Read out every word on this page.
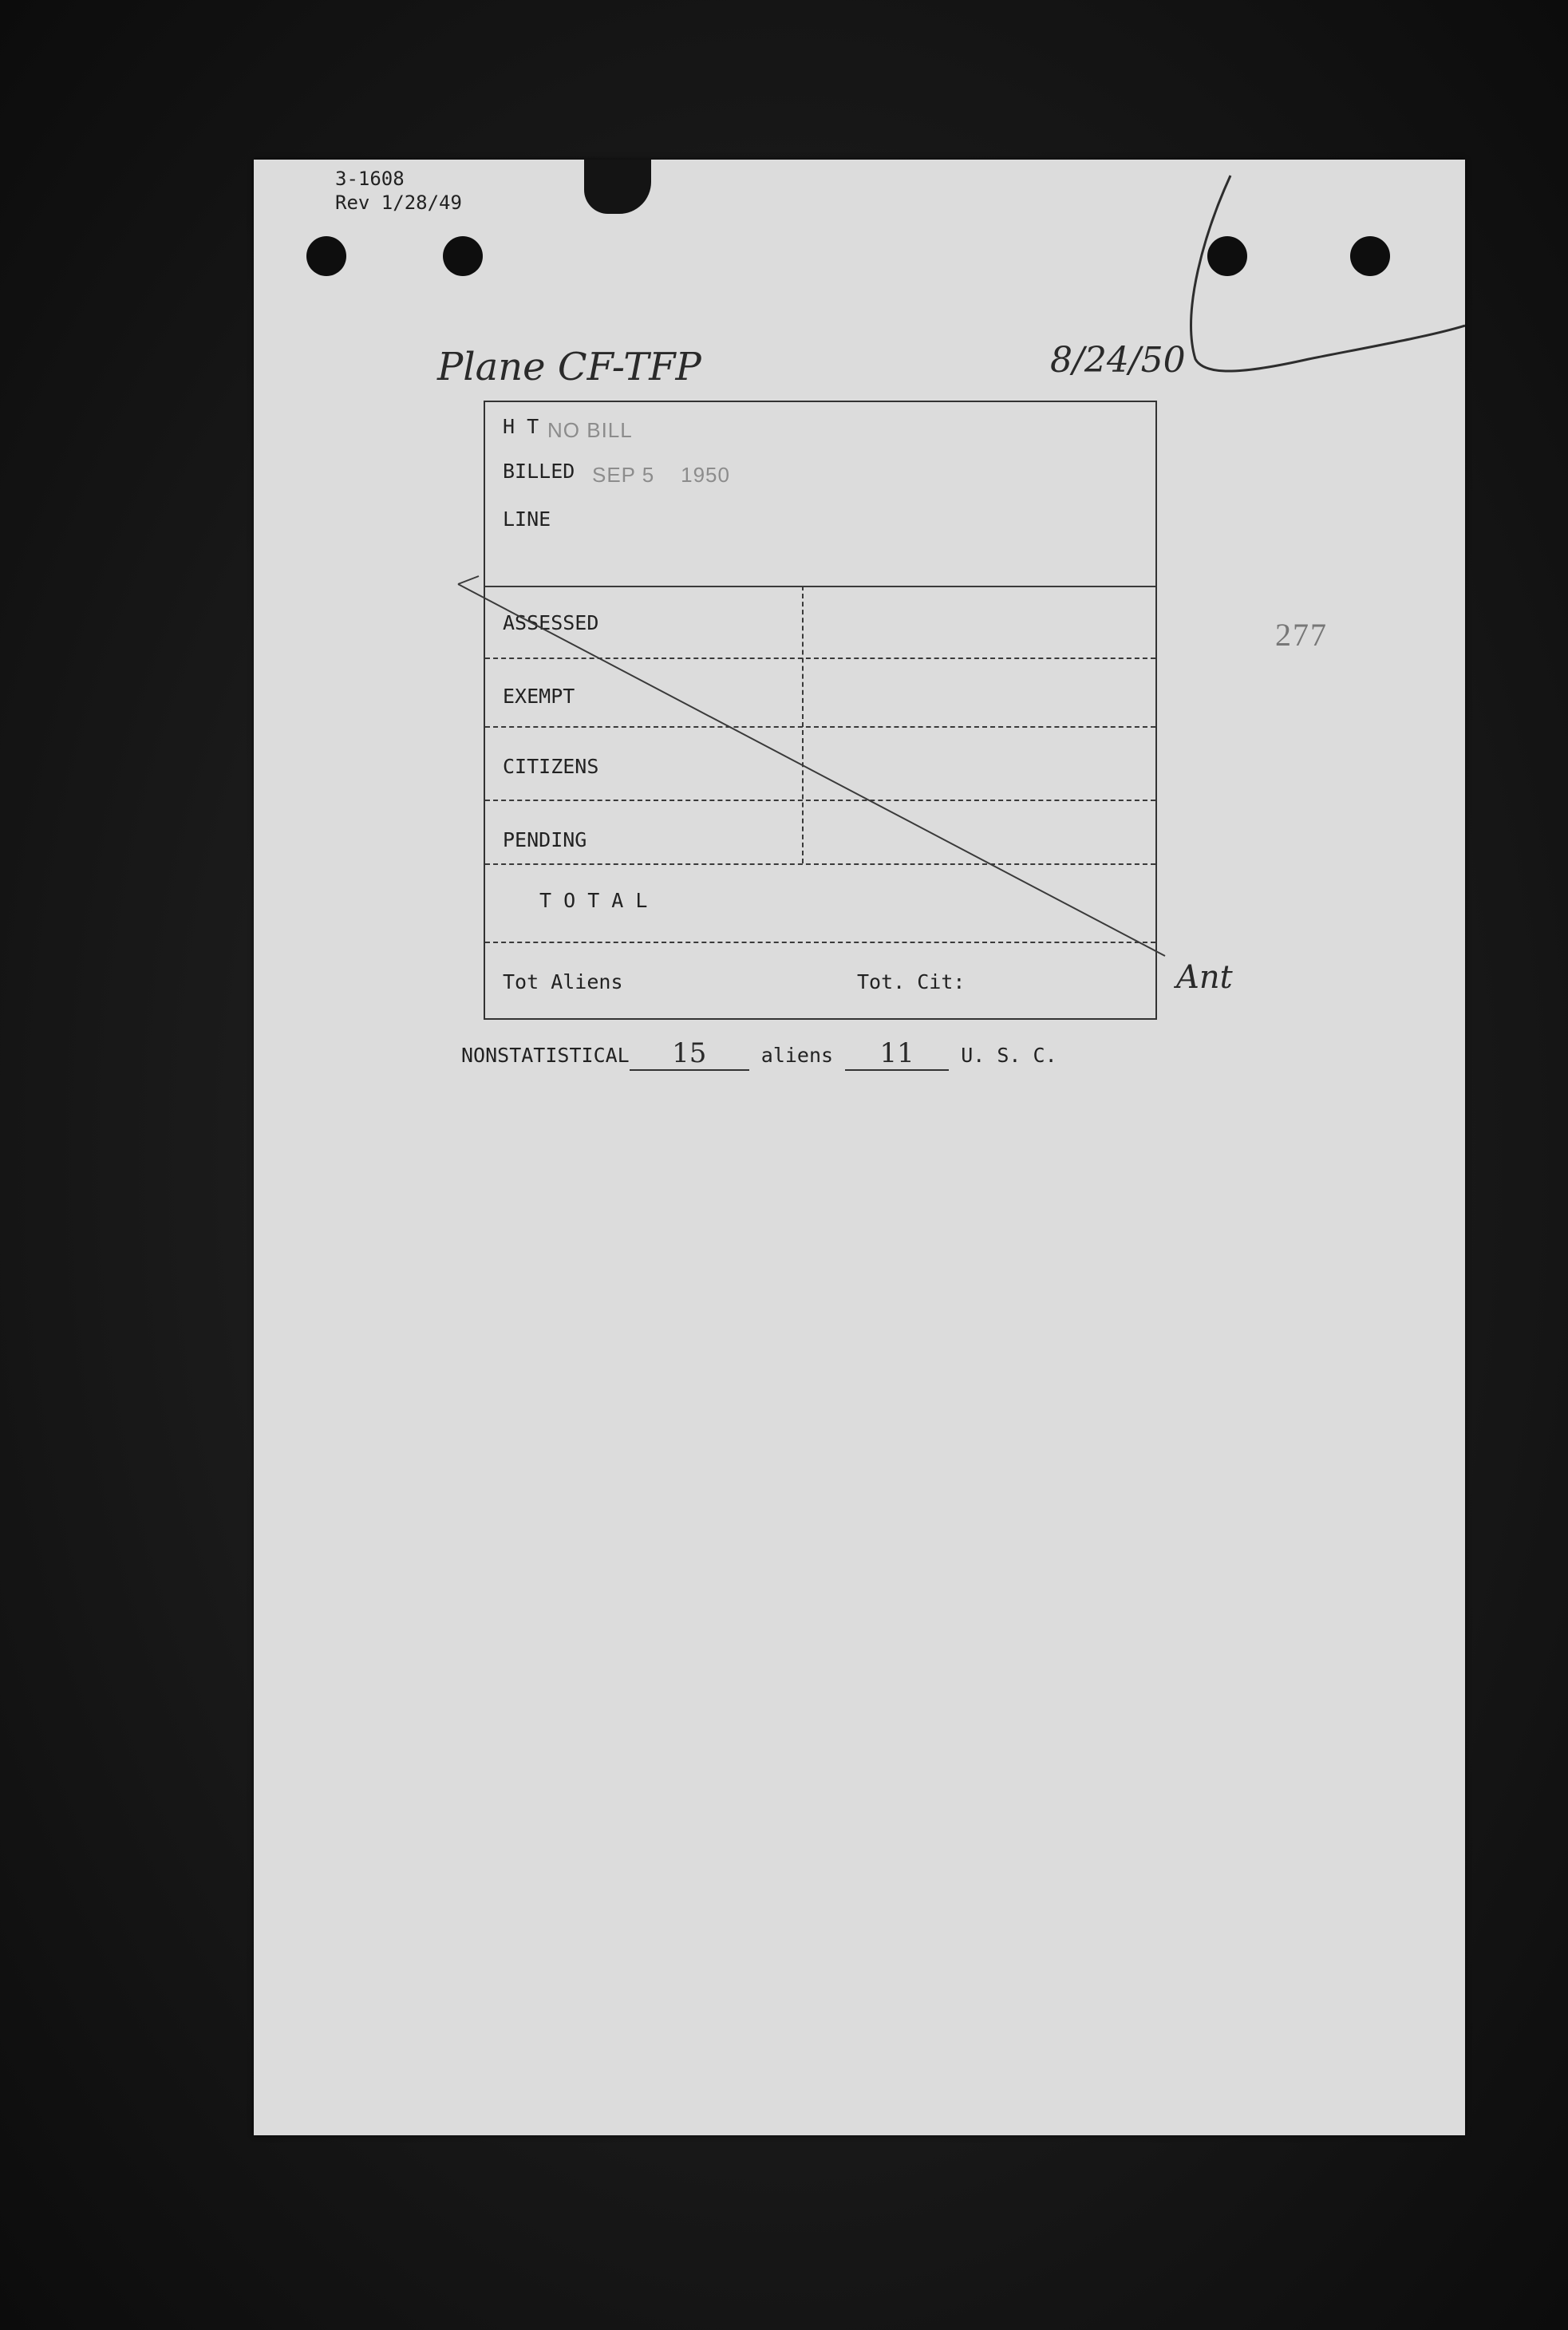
3-1608
Rev 1/28/49
Plane CF-TFP	8/24/50
277
H T NO BILL
BILLED SEP 5    1950
LINE
ASSESSED
EXEMPT
CITIZENS
PENDING
T O T A L
Tot Aliens	Tot. Cit:	Ant
NONSTATISTICAL 15	aliens 11 U. S. C.
